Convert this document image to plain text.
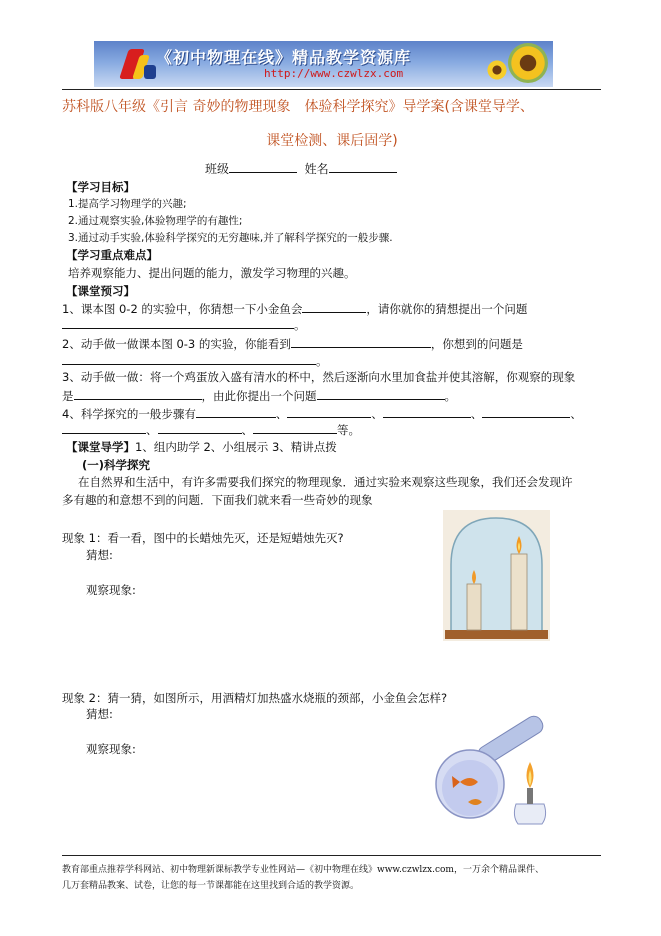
《初中物理在线》精品教学资源库
http://www.czwlzx.com
苏科版八年级《引言 奇妙的物理现象　体验科学探究》导学案(含课堂导学、
课堂检测、课后固学)
班级	姓名
【学习目标】
1.提高学习物理学的兴趣;
2.通过观察实验,体验物理学的有趣性;
3.通过动手实验,体验科学探究的无穷趣味,并了解科学探究的一般步骤.
【学习重点难点】
培养观察能力、提出问题的能力，激发学习物理的兴趣。
【课堂预习】
1、课本图 0-2 的实验中，你猜想一下小金鱼会	，请你就你的猜想提出一个问题
。
2、动手做一做课本图 0-3 的实验，你能看到	，你想到的问题是
。
3、动手做一做：将一个鸡蛋放入盛有清水的杯中，然后逐渐向水里加食盐并使其溶解，你观察的现象
是	，由此你提出一个问题	。
4、科学探究的一般步骤有	、	、	、	、
、	、	等。
【课堂导学】1、组内助学 2、小组展示 3、精讲点拨
(一)科学探究
在自然界和生活中，有许多需要我们探究的物理现象．通过实验来观察这些现象，我们还会发现许
多有趣的和意想不到的问题．下面我们就来看一些奇妙的现象
现象 1：看一看，图中的长蜡烛先灭，还是短蜡烛先灭?
猜想:
观察现象:
现象 2：猜一猜，如图所示，用酒精灯加热盛水烧瓶的颈部，小金鱼会怎样?
猜想:
观察现象:
教育部重点推荐学科网站、初中物理新课标教学专业性网站—《初中物理在线》www.czwlzx.com，一万余个精品课件、
几万套精品教案、试卷，让您的每一节课都能在这里找到合适的教学资源。
